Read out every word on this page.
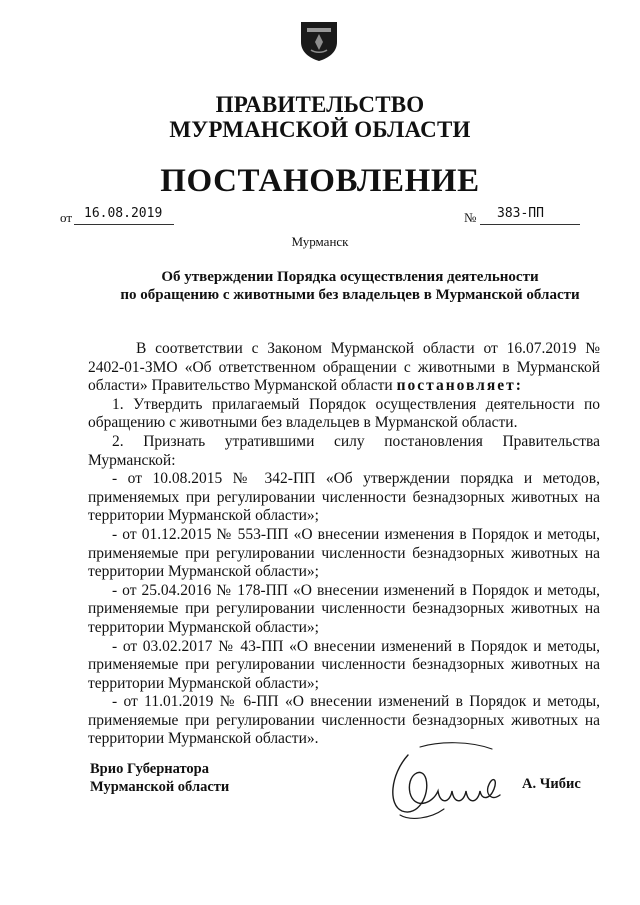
ПРАВИТЕЛЬСТВО
МУРМАНСКОЙ ОБЛАСТИ
ПОСТАНОВЛЕНИЕ
от 16.08.2019	№ 383-ПП
Мурманск
Об утверждении Порядка осуществления деятельности
по обращению с животными без владельцев в Мурманской области

В соответствии с Законом Мурманской области от 16.07.2019 № 2402-01-ЗМО «Об ответственном обращении с животными в Мурманской области» Правительство Мурманской области постановляет:

1. Утвердить прилагаемый Порядок осуществления деятельности по обращению с животными без владельцев в Мурманской области.

2. Признать утратившими силу постановления Правительства Мурманской:

- от 10.08.2015 № 342-ПП «Об утверждении порядка и методов, применяемых при регулировании численности безнадзорных животных на территории Мурманской области»;

- от 01.12.2015 № 553-ПП «О внесении изменения в Порядок и методы, применяемые при регулировании численности безнадзорных животных на территории Мурманской области»;

- от 25.04.2016 № 178-ПП «О внесении изменений в Порядок и методы, применяемые при регулировании численности безнадзорных животных на территории Мурманской области»;

- от 03.02.2017 № 43-ПП «О внесении изменений в Порядок и методы, применяемые при регулировании численности безнадзорных животных на территории Мурманской области»;

- от 11.01.2019 № 6-ПП «О внесении изменений в Порядок и методы, применяемые при регулировании численности безнадзорных животных на территории Мурманской области».

Врио Губернатора
Мурманской области	А. Чибис
